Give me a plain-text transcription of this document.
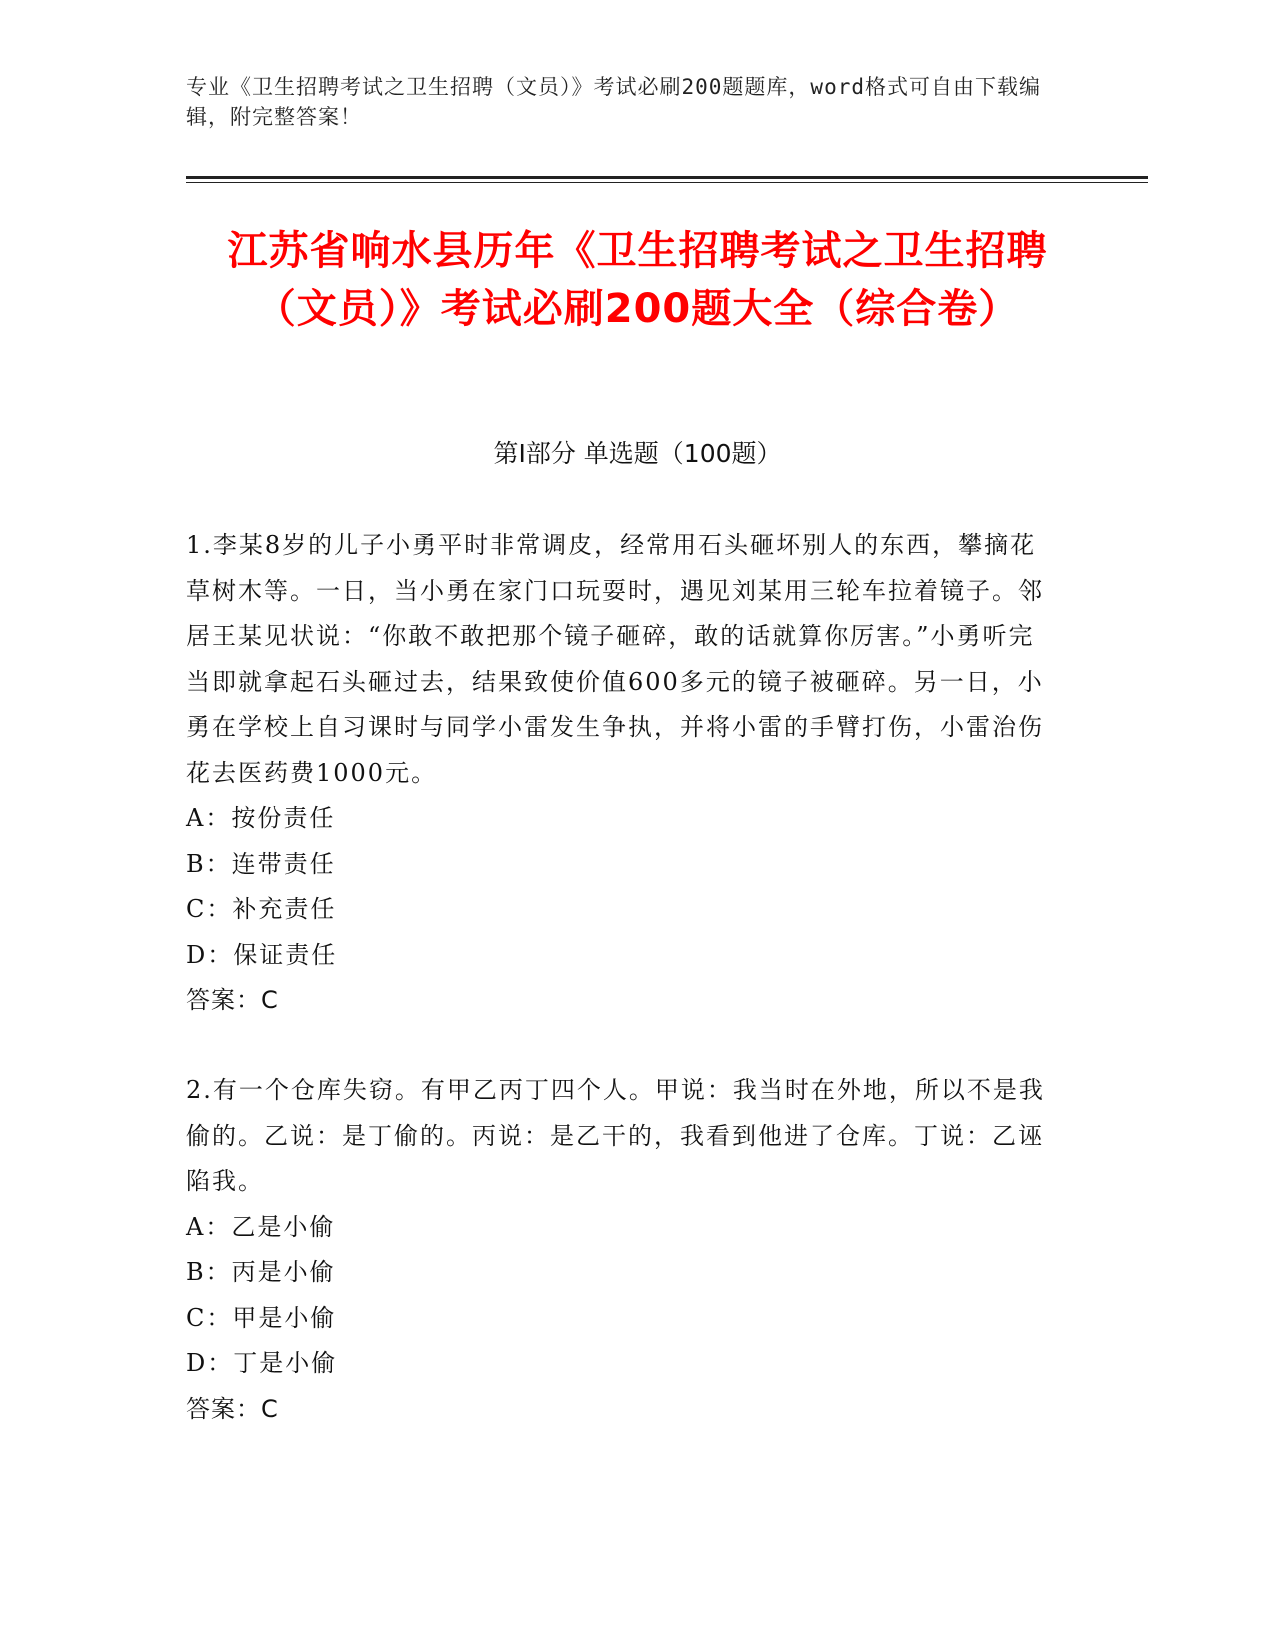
专业《卫生招聘考试之卫生招聘（文员）》考试必刷200题题库，word格式可自由下载编辑，附完整答案！
江苏省响水县历年《卫生招聘考试之卫生招聘（文员）》考试必刷200题大全（综合卷）
第Ⅰ部分 单选题（100题）

1.李某8岁的儿子小勇平时非常调皮，经常用石头砸坏别人的东西，攀摘花草树木等。一日，当小勇在家门口玩耍时，遇见刘某用三轮车拉着镜子。邻居王某见状说：“你敢不敢把那个镜子砸碎，敢的话就算你厉害。”小勇听完当即就拿起石头砸过去，结果致使价值600多元的镜子被砸碎。另一日，小勇在学校上自习课时与同学小雷发生争执，并将小雷的手臂打伤，小雷治伤花去医药费1000元。

A：按份责任

B：连带责任

C：补充责任

D：保证责任

答案：C

2.有一个仓库失窃。有甲乙丙丁四个人。甲说：我当时在外地，所以不是我偷的。乙说：是丁偷的。丙说：是乙干的，我看到他进了仓库。丁说：乙诬陷我。

A：乙是小偷

B：丙是小偷

C：甲是小偷

D：丁是小偷

答案：C
